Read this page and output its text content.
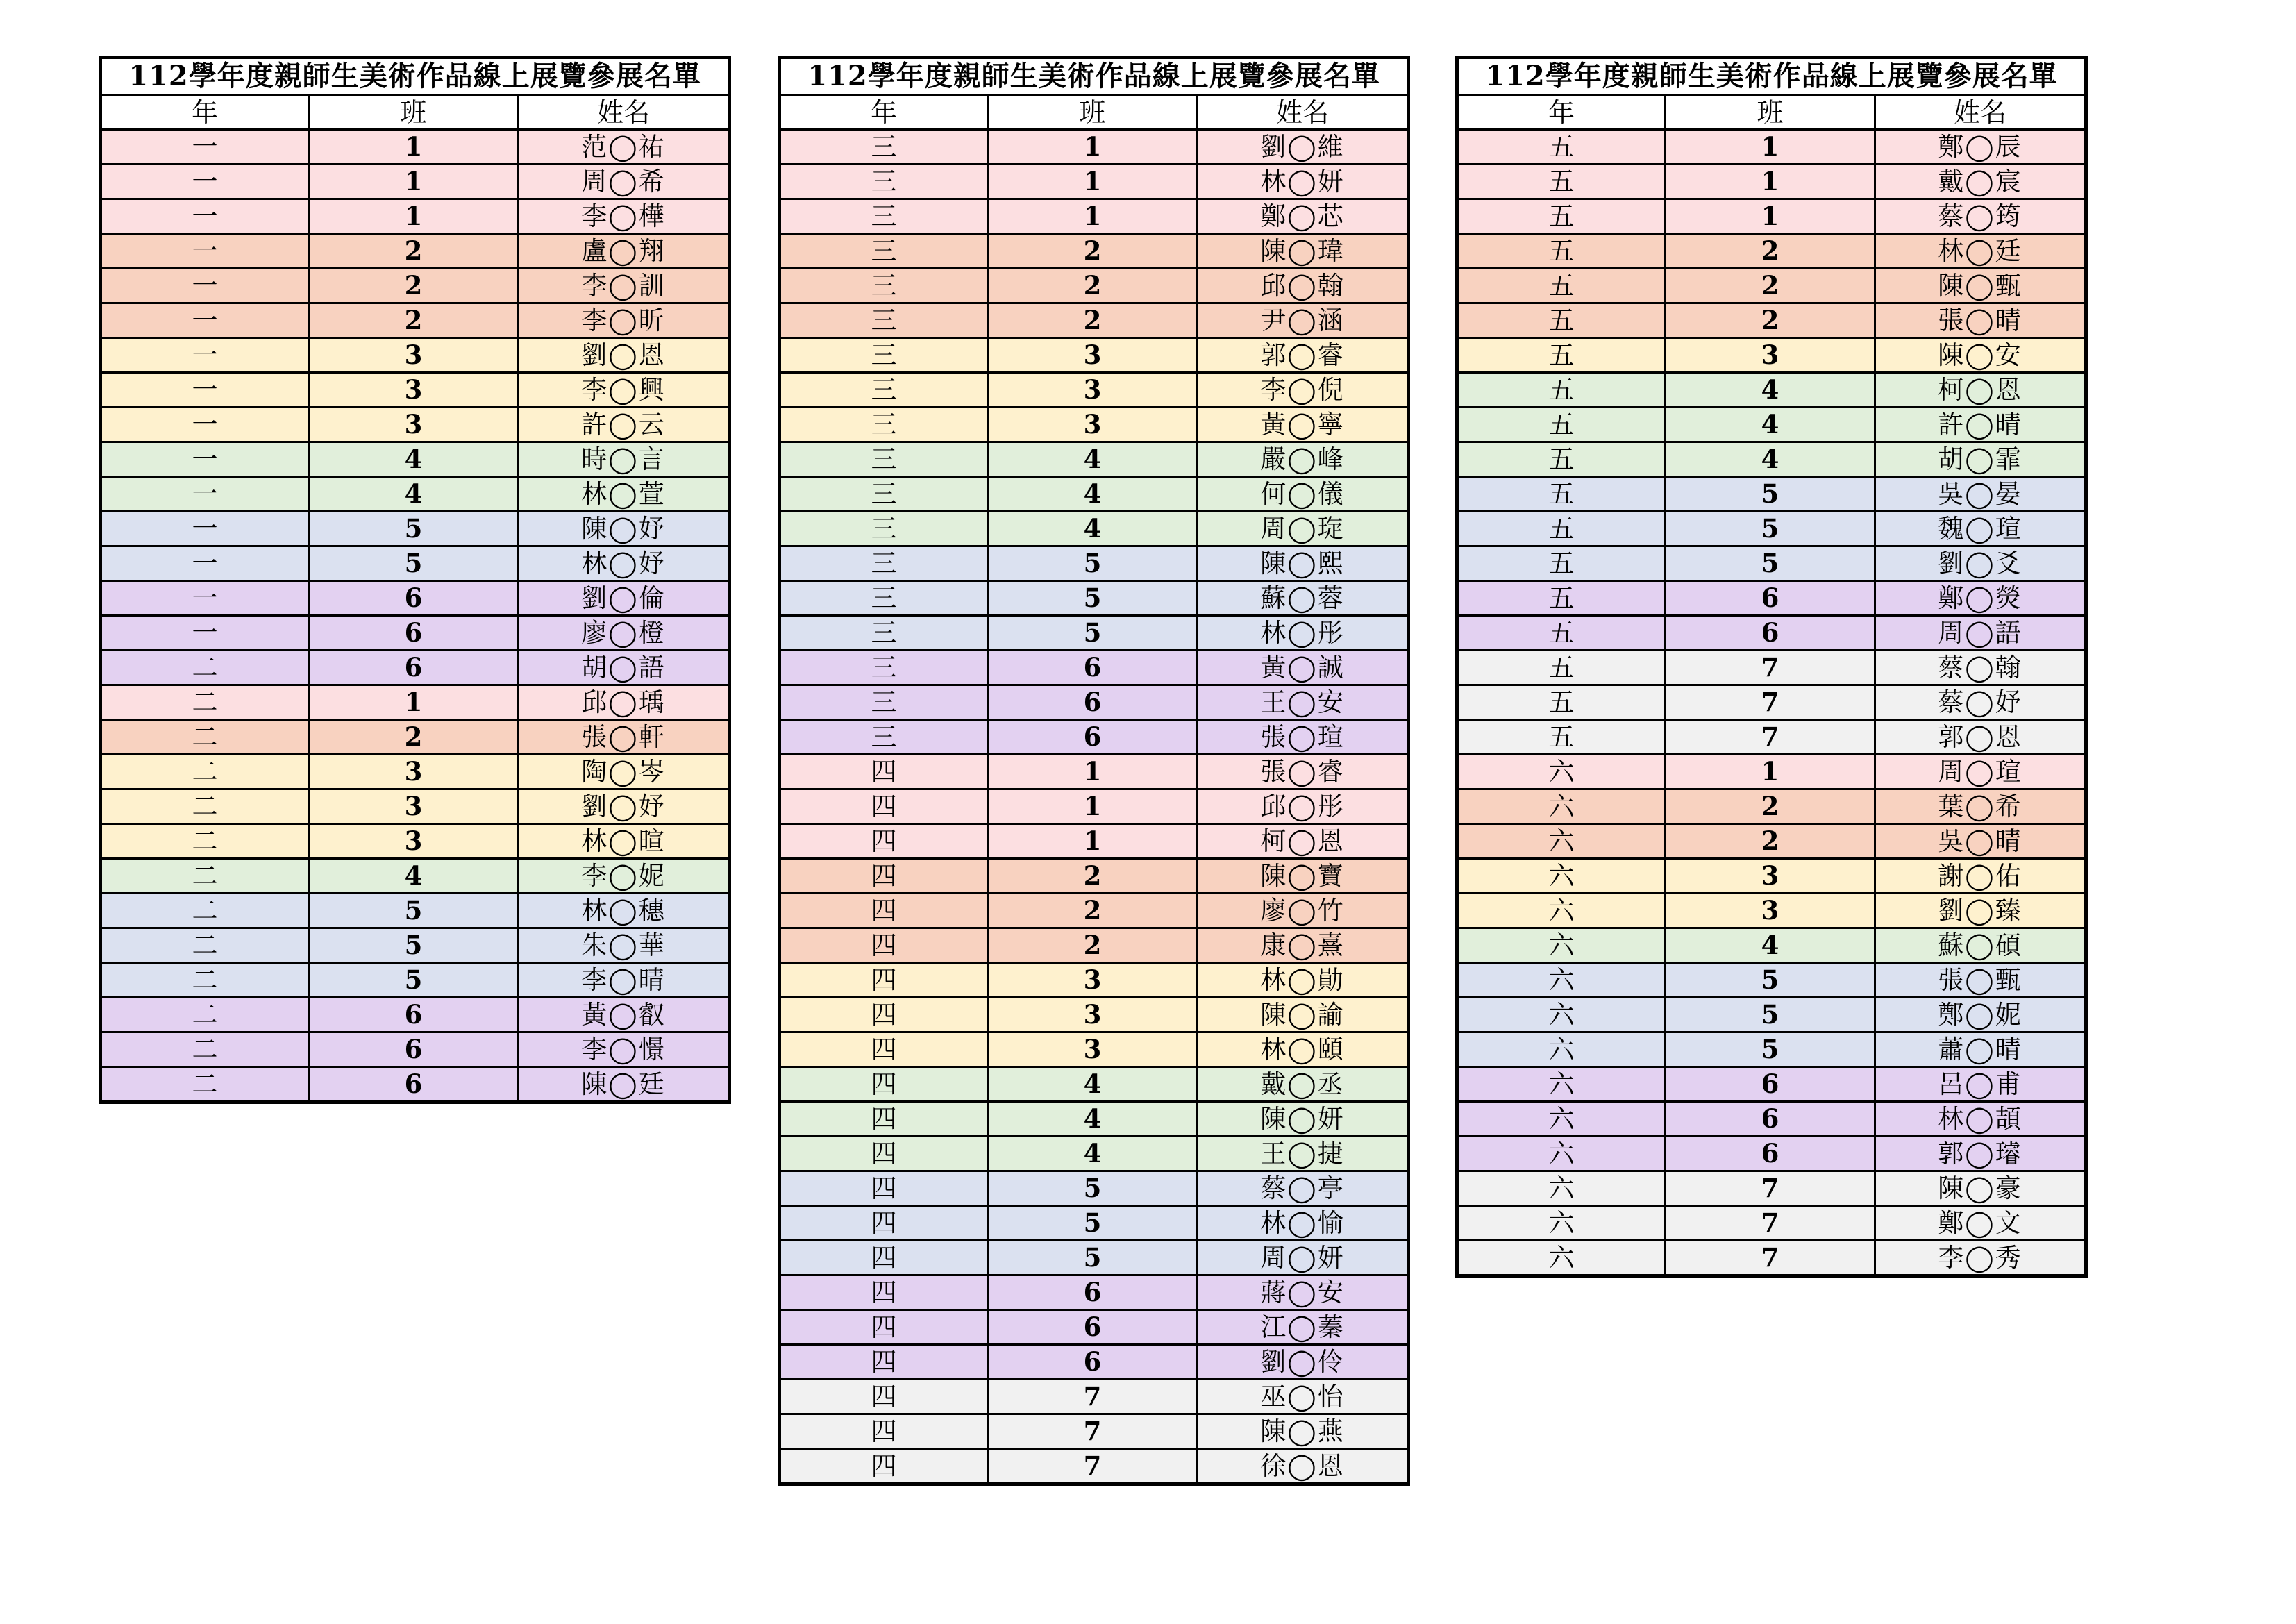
112學年度親師生美術作品線上展覽參展名單		
年	班	姓名
一	1	范◯祐
一	1	周◯希
一	1	李◯樺
一	2	盧◯翔
一	2	李◯訓
一	2	李◯昕
一	3	劉◯恩
一	3	李◯興
一	3	許◯云
一	4	時◯言
一	4	林◯萱
一	5	陳◯妤
一	5	林◯妤
一	6	劉◯倫
一	6	廖◯橙
二	6	胡◯語
二	1	邱◯瑀
二	2	張◯軒
二	3	陶◯岑
二	3	劉◯妤
二	3	林◯暄
二	4	李◯妮
二	5	林◯穗
二	5	朱◯華
二	5	李◯晴
二	6	黃◯叡
二	6	李◯憬
二	6	陳◯廷
112學年度親師生美術作品線上展覽參展名單		
年	班	姓名
三	1	劉◯維
三	1	林◯妍
三	1	鄭◯芯
三	2	陳◯瑋
三	2	邱◯翰
三	2	尹◯涵
三	3	郭◯睿
三	3	李◯倪
三	3	黃◯寧
三	4	嚴◯峰
三	4	何◯儀
三	4	周◯琁
三	5	陳◯熙
三	5	蘇◯蓉
三	5	林◯彤
三	6	黃◯誠
三	6	王◯安
三	6	張◯瑄
四	1	張◯睿
四	1	邱◯彤
四	1	柯◯恩
四	2	陳◯寶
四	2	廖◯竹
四	2	康◯熹
四	3	林◯勛
四	3	陳◯諭
四	3	林◯頤
四	4	戴◯丞
四	4	陳◯妍
四	4	王◯捷
四	5	蔡◯亭
四	5	林◯愉
四	5	周◯妍
四	6	蔣◯安
四	6	江◯蓁
四	6	劉◯伶
四	7	巫◯怡
四	7	陳◯燕
四	7	徐◯恩
112學年度親師生美術作品線上展覽參展名單		
年	班	姓名
五	1	鄭◯辰
五	1	戴◯宸
五	1	蔡◯筠
五	2	林◯廷
五	2	陳◯甄
五	2	張◯晴
五	3	陳◯安
五	4	柯◯恩
五	4	許◯晴
五	4	胡◯霏
五	5	吳◯晏
五	5	魏◯瑄
五	5	劉◯爻
五	6	鄭◯熒
五	6	周◯語
五	7	蔡◯翰
五	7	蔡◯妤
五	7	郭◯恩
六	1	周◯瑄
六	2	葉◯希
六	2	吳◯晴
六	3	謝◯佑
六	3	劉◯臻
六	4	蘇◯碩
六	5	張◯甄
六	5	鄭◯妮
六	5	蕭◯晴
六	6	呂◯甫
六	6	林◯頡
六	6	郭◯璿
六	7	陳◯豪
六	7	鄭◯文
六	7	李◯秀
